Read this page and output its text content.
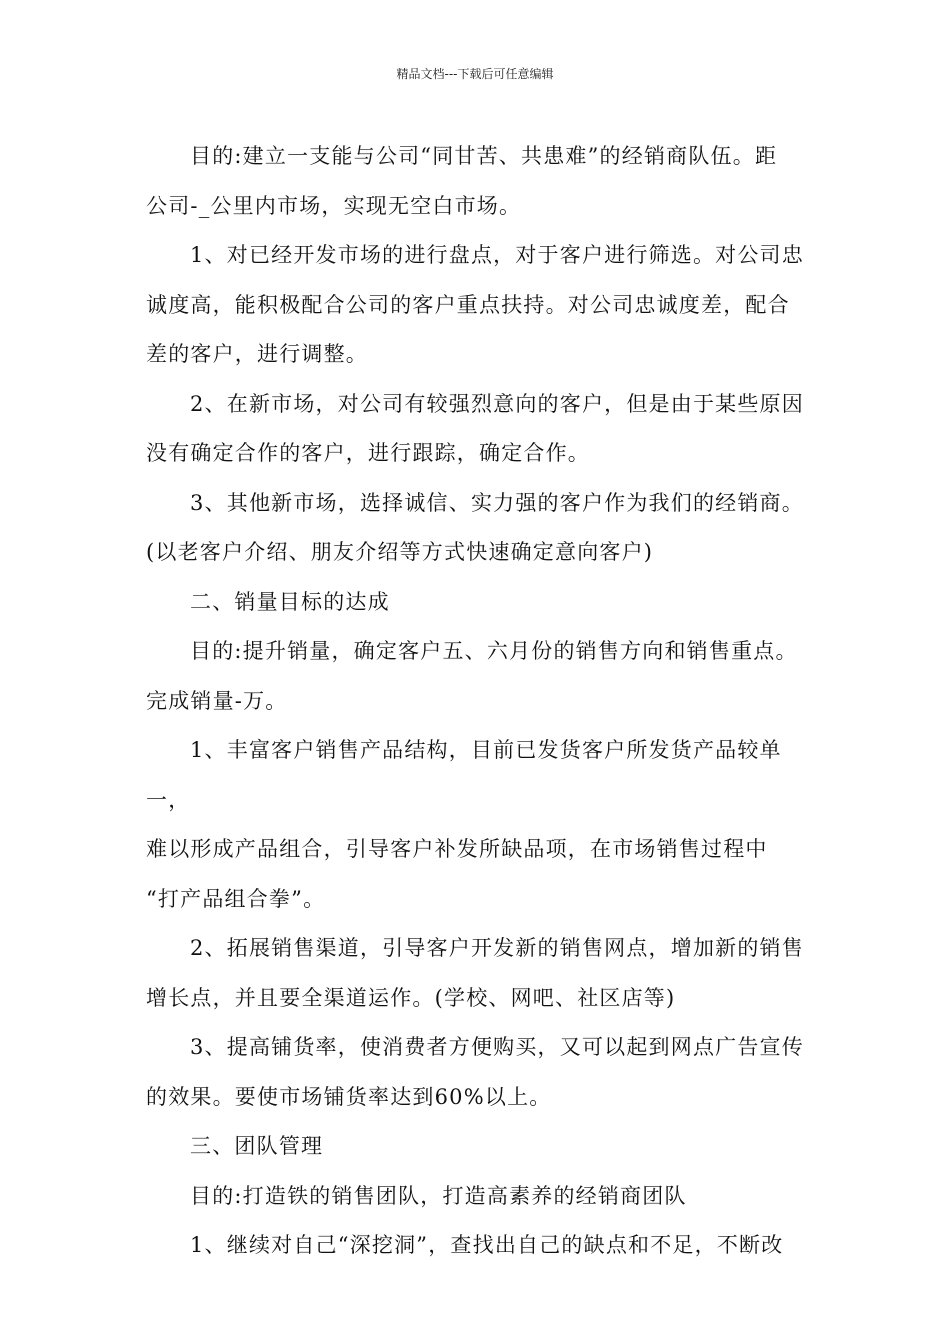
精品文档---下载后可任意编辑

目的:建立一支能与公司“同甘苦、共患难”的经销商队伍。距
公司-_公里内市场，实现无空白市场。

1、对已经开发市场的进行盘点，对于客户进行筛选。对公司忠
诚度高，能积极配合公司的客户重点扶持。对公司忠诚度差，配合
差的客户，进行调整。

2、在新市场，对公司有较强烈意向的客户，但是由于某些原因
没有确定合作的客户，进行跟踪，确定合作。

3、其他新市场，选择诚信、实力强的客户作为我们的经销商。
(以老客户介绍、朋友介绍等方式快速确定意向客户)

二、销量目标的达成

目的:提升销量，确定客户五、六月份的销售方向和销售重点。
完成销量-万。

1、丰富客户销售产品结构，目前已发货客户所发货产品较单一，
难以形成产品组合，引导客户补发所缺品项，在市场销售过程中
“打产品组合拳”。

2、拓展销售渠道，引导客户开发新的销售网点，增加新的销售
增长点，并且要全渠道运作。(学校、网吧、社区店等)

3、提高铺货率，使消费者方便购买，又可以起到网点广告宣传
的效果。要使市场铺货率达到60%以上。

三、团队管理

目的:打造铁的销售团队，打造高素养的经销商团队

1、继续对自己“深挖洞”，查找出自己的缺点和不足，不断改
